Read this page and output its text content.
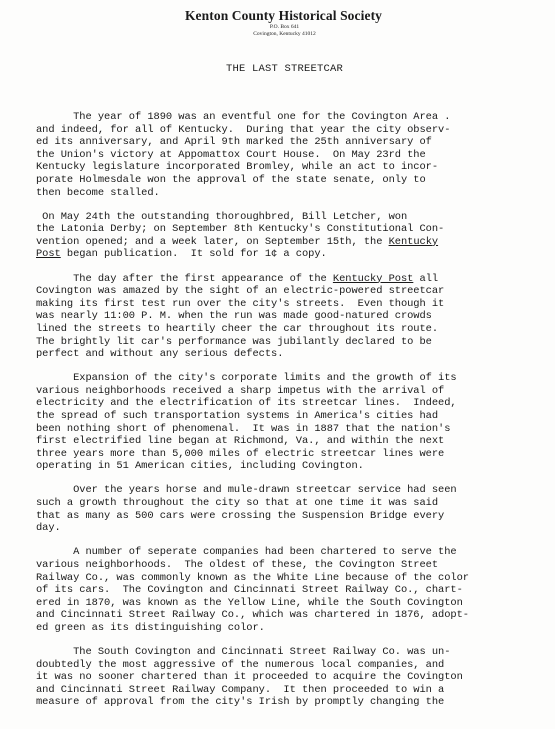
Kenton County Historical Society
P.O. Box 641
Covington, Kentucky 41012
THE LAST STREETCAR
The year of 1890 was an eventful one for the Covington Area .
and indeed, for all of Kentucky.  During that year the city observ-
ed its anniversary, and April 9th marked the 25th anniversary of
the Union's victory at Appomattox Court House.  On May 23rd the
Kentucky legislature incorporated Bromley, while an act to incor-
porate Holmesdale won the approval of the state senate, only to
then become stalled.
On May 24th the outstanding thoroughbred, Bill Letcher, won
the Latonia Derby; on September 8th Kentucky's Constitutional Con-
vention opened; and a week later, on September 15th, the Kentucky
Post began publication.  It sold for 1¢ a copy.
The day after the first appearance of the Kentucky Post all
Covington was amazed by the sight of an electric-powered streetcar
making its first test run over the city's streets.  Even though it
was nearly 11:00 P. M. when the run was made good-natured crowds
lined the streets to heartily cheer the car throughout its route.
The brightly lit car's performance was jubilantly declared to be
perfect and without any serious defects.
Expansion of the city's corporate limits and the growth of its
various neighborhoods received a sharp impetus with the arrival of
electricity and the electrification of its streetcar lines.  Indeed,
the spread of such transportation systems in America's cities had
been nothing short of phenomenal.  It was in 1887 that the nation's
first electrified line began at Richmond, Va., and within the next
three years more than 5,000 miles of electric streetcar lines were
operating in 51 American cities, including Covington.
Over the years horse and mule-drawn streetcar service had seen
such a growth throughout the city so that at one time it was said
that as many as 500 cars were crossing the Suspension Bridge every
day.
A number of seperate companies had been chartered to serve the
various neighborhoods.  The oldest of these, the Covington Street
Railway Co., was commonly known as the White Line because of the color
of its cars.  The Covington and Cincinnati Street Railway Co., chart-
ered in 1870, was known as the Yellow Line, while the South Covington
and Cincinnati Street Railway Co., which was chartered in 1876, adopt-
ed green as its distinguishing color.
The South Covington and Cincinnati Street Railway Co. was un-
doubtedly the most aggressive of the numerous local companies, and
it was no sooner chartered than it proceeded to acquire the Covington
and Cincinnati Street Railway Company.  It then proceeded to win a
measure of approval from the city's Irish by promptly changing the
